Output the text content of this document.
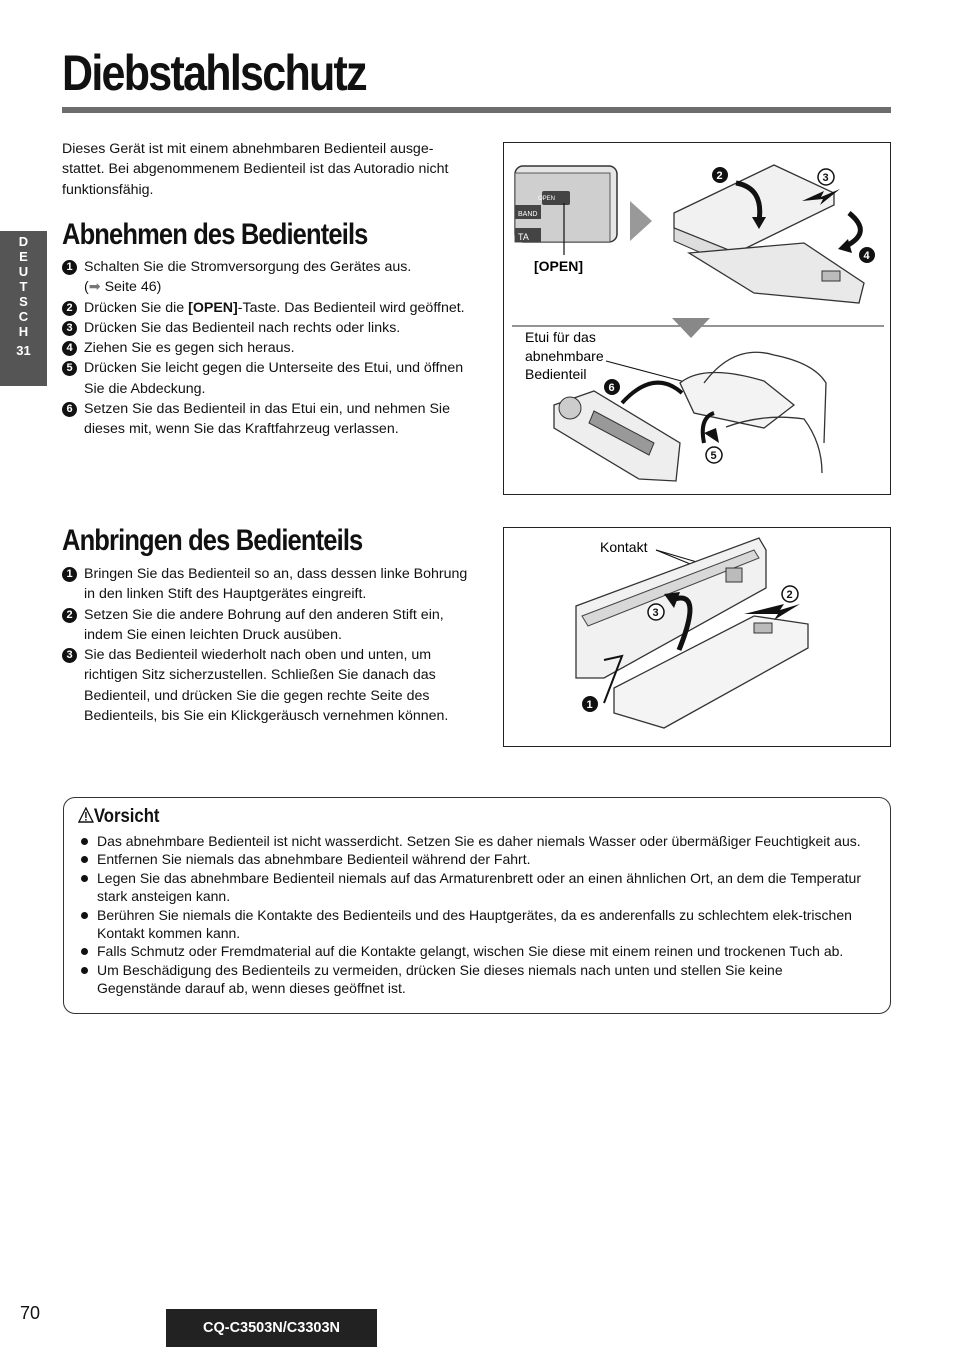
Diebstahlschutz
D
E
U
T
S
C
H
31
Dieses Gerät ist mit einem abnehmbaren Bedienteil ausge-stattet. Bei abgenommenem Bedienteil ist das Autoradio nicht funktionsfähig.
Abnehmen des Bedienteils
1 Schalten Sie die Stromversorgung des Gerätes aus.
(➡ Seite 46)
2 Drücken Sie die [OPEN]-Taste. Das Bedienteil wird geöffnet.
3 Drücken Sie das Bedienteil nach rechts oder links.
4 Ziehen Sie es gegen sich heraus.
5 Drücken Sie leicht gegen die Unterseite des Etui, und öffnen Sie die Abdeckung.
6 Setzen Sie das Bedienteil in das Etui ein, und nehmen Sie dieses mit, wenn Sie das Kraftfahrzeug verlassen.
OPEN
BAND
TA
[OPEN]
2	3
4
5
6
Etui für das abnehmbare Bedienteil
Anbringen des Bedienteils
1 Bringen Sie das Bedienteil so an, dass dessen linke Bohrung in den linken Stift des Hauptgerätes eingreift.
2 Setzen Sie die andere Bohrung auf den anderen Stift ein, indem Sie einen leichten Druck ausüben.
3 Sie das Bedienteil wiederholt nach oben und unten, um richtigen Sitz sicherzustellen. Schließen Sie danach das Bedienteil, und drücken Sie die gegen rechte Seite des Bedienteils, bis Sie ein Klickgeräusch vernehmen können.
Kontakt
1
2
3
Vorsicht
Das abnehmbare Bedienteil ist nicht wasserdicht. Setzen Sie es daher niemals Wasser oder übermäßiger Feuchtigkeit aus.
Entfernen Sie niemals das abnehmbare Bedienteil während der Fahrt.
Legen Sie das abnehmbare Bedienteil niemals auf das Armaturenbrett oder an einen ähnlichen Ort, an dem die Temperatur stark ansteigen kann.
Berühren Sie niemals die Kontakte des Bedienteils und des Hauptgerätes, da es anderenfalls zu schlechtem elek-trischen Kontakt kommen kann.
Falls Schmutz oder Fremdmaterial auf die Kontakte gelangt, wischen Sie diese mit einem reinen und trockenen Tuch ab.
Um Beschädigung des Bedienteils zu vermeiden, drücken Sie dieses niemals nach unten und stellen Sie keine Gegenstände darauf ab, wenn dieses geöffnet ist.
70
CQ-C3503N/C3303N
